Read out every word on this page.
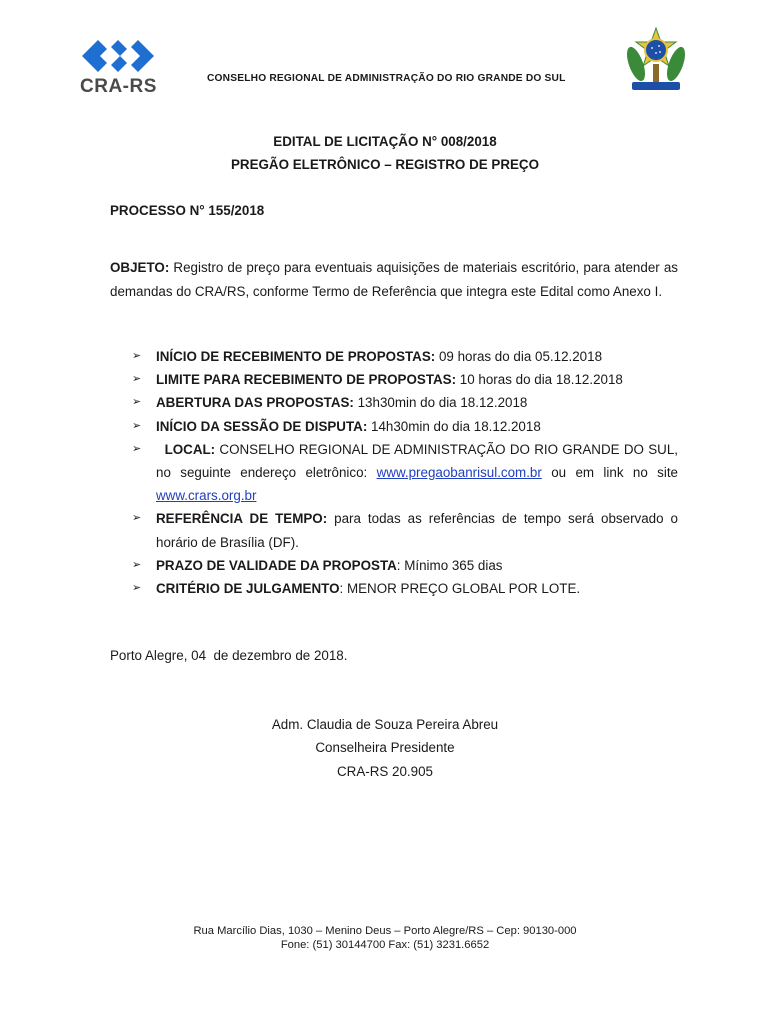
CRA-RS	CONSELHO REGIONAL DE ADMINISTRAÇÃO DO RIO GRANDE DO SUL
EDITAL DE LICITAÇÃO N° 008/2018
PREGÃO ELETRÔNICO – REGISTRO DE PREÇO
PROCESSO N° 155/2018
OBJETO: Registro de preço para eventuais aquisições de materiais escritório, para atender as demandas do CRA/RS, conforme Termo de Referência que integra este Edital como Anexo I.
➢ INÍCIO DE RECEBIMENTO DE PROPOSTAS: 09 horas do dia 05.12.2018
➢ LIMITE PARA RECEBIMENTO DE PROPOSTAS: 10 horas do dia 18.12.2018
➢ ABERTURA DAS PROPOSTAS: 13h30min do dia 18.12.2018
➢ INÍCIO DA SESSÃO DE DISPUTA: 14h30min do dia 18.12.2018
➢ LOCAL: CONSELHO REGIONAL DE ADMINISTRAÇÃO DO RIO GRANDE DO SUL, no seguinte endereço eletrônico: www.pregaobanrisul.com.br ou em link no site www.crars.org.br
➢ REFERÊNCIA DE TEMPO: para todas as referências de tempo será observado o horário de Brasília (DF).
➢ PRAZO DE VALIDADE DA PROPOSTA: Mínimo 365 dias
➢ CRITÉRIO DE JULGAMENTO: MENOR PREÇO GLOBAL POR LOTE.
Porto Alegre, 04  de dezembro de 2018.
Adm. Claudia de Souza Pereira Abreu
Conselheira Presidente
CRA-RS 20.905
Rua Marcílio Dias, 1030 – Menino Deus – Porto Alegre/RS – Cep: 90130-000
Fone: (51) 30144700 Fax: (51) 3231.6652
